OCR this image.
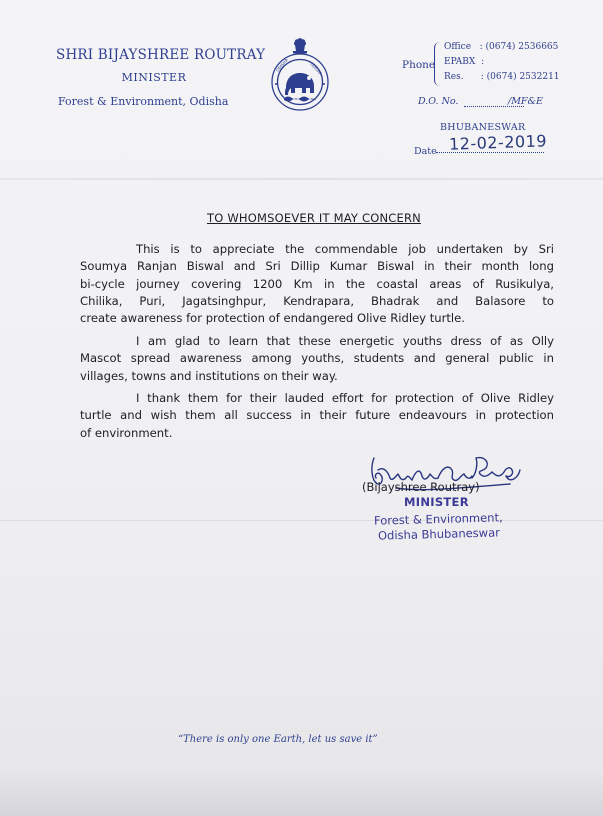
SHRI BIJAYSHREE ROUTRAY
MINISTER
Forest & Environment, Odisha
ODISHA	ODISHA	Phone
Office : (0674) 2536665
EPABX :
Res. : (0674) 2532211
D.O. No.	/MF&E
BHUBANESWAR
Date 12-02-2019
TO WHOMSOEVER IT MAY CONCERN

This is to appreciate the commendable job undertaken by Sri
Soumya Ranjan Biswal and Sri Dillip Kumar Biswal in their month long
bi-cycle journey covering 1200 Km in the coastal areas of Rusikulya,
Chilika, Puri, Jagatsinghpur, Kendrapara, Bhadrak and Balasore to
create awareness for protection of endangered Olive Ridley turtle.

I am glad to learn that these energetic youths dress of as Olly
Mascot spread awareness among youths, students and general public in
villages, towns and institutions on their way.

I thank them for their lauded effort for protection of Olive Ridley
turtle and wish them all success in their future endeavours in protection
of environment.

(Bijayshree Routray)
MINISTER
Forest & Environment,
Odisha Bhubaneswar
“There is only one Earth, let us save it”
